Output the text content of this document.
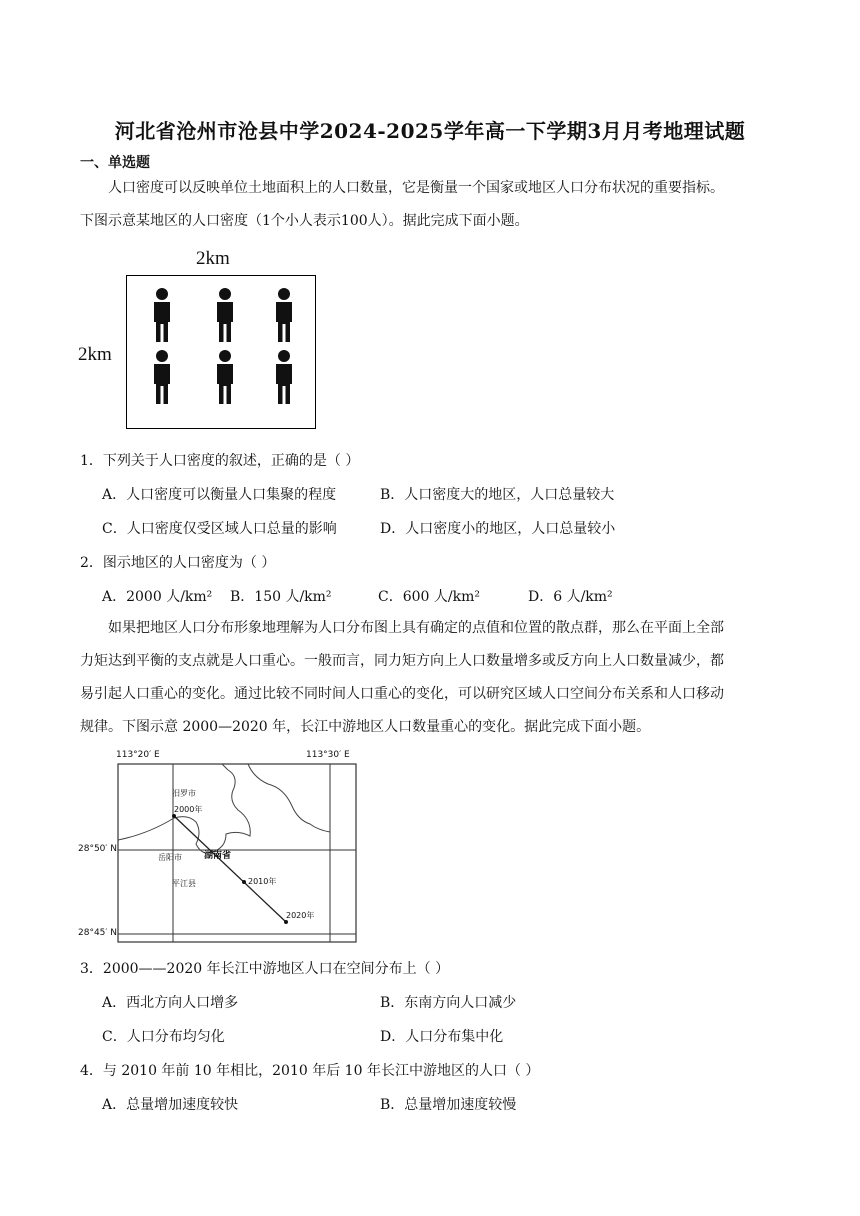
河北省沧州市沧县中学2024-2025学年高一下学期3月月考地理试题
一、单选题

人口密度可以反映单位土地面积上的人口数量，它是衡量一个国家或地区人口分布状况的重要指标。

下图示意某地区的人口密度（1个小人表示100人）。据此完成下面小题。

2km
2km
1．下列关于人口密度的叙述，正确的是（ ）
A．人口密度可以衡量人口集聚的程度	B．人口密度大的地区，人口总量较大
C．人口密度仅受区域人口总量的影响	D．人口密度小的地区，人口总量较小
2．图示地区的人口密度为（ ）
A．2000 人/km² B．150 人/km²	C．600 人/km²	D．6 人/km²

如果把地区人口分布形象地理解为人口分布图上具有确定的点值和位置的散点群，那么在平面上全部

力矩达到平衡的支点就是人口重心。一般而言，同力矩方向上人口数量增多或反方向上人口数量减少，都

易引起人口重心的变化。通过比较不同时间人口重心的变化，可以研究区域人口空间分布关系和人口移动

规律。下图示意 2000—2020 年，长江中游地区人口数量重心的变化。据此完成下面小题。

113°20′ E	113°30′ E
28°50′ N
28°45′ N
汨罗市
2000年
岳阳市 湖南省
平江县	2010年
2020年
3．2000——2020 年长江中游地区人口在空间分布上（ ）
A．西北方向人口增多	B．东南方向人口减少
C．人口分布均匀化	D．人口分布集中化
4．与 2010 年前 10 年相比，2010 年后 10 年长江中游地区的人口（ ）
A．总量增加速度较快	B．总量增加速度较慢
